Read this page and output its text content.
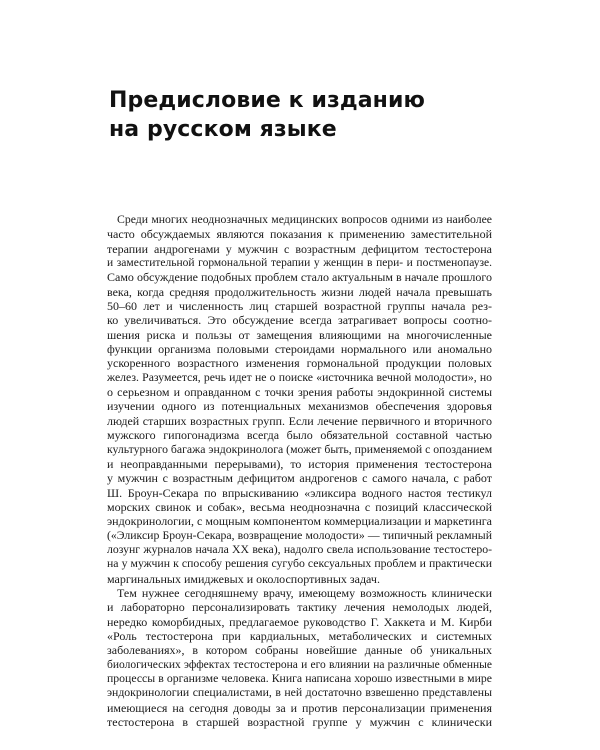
Предисловие к изданию
на русском языке
Среди многих неоднозначных медицинских вопросов одними из наиболее
часто обсуждаемых являются показания к применению заместительной
терапии андрогенами у мужчин с возрастным дефицитом тестостерона
и заместительной гормональной терапии у женщин в пери- и постменопаузе.
Само обсуждение подобных проблем стало актуальным в начале прошлого
века, когда средняя продолжительность жизни людей начала превышать
50–60 лет и численность лиц старшей возрастной группы начала рез-
ко увеличиваться. Это обсуждение всегда затрагивает вопросы соотно-
шения риска и пользы от замещения влияющими на многочисленные
функции организма половыми стероидами нормального или аномально
ускоренного возрастного изменения гормональной продукции половых
желез. Разумеется, речь идет не о поиске «источника вечной молодости», но
о серьезном и оправданном с точки зрения работы эндокринной системы
изучении одного из потенциальных механизмов обеспечения здоровья
людей старших возрастных групп. Если лечение первичного и вторичного
мужского гипогонадизма всегда было обязательной составной частью
культурного багажа эндокринолога (может быть, применяемой с опозданием
и неоправданными перерывами), то история применения тестостерона
у мужчин с возрастным дефицитом андрогенов с самого начала, с работ
Ш. Броун-Секара по впрыскиванию «эликсира водного настоя тестикул
морских свинок и собак», весьма неоднозначна с позиций классической
эндокринологии, с мощным компонентом коммерциализации и маркетинга
(«Эликсир Броун-Секара, возвращение молодости» — типичный рекламный
лозунг журналов начала XX века), надолго свела использование тестостеро-
на у мужчин к способу решения сугубо сексуальных проблем и практически
маргинальных имиджевых и околоспортивных задач.
Тем нужнее сегодняшнему врачу, имеющему возможность клинически
и лабораторно персонализировать тактику лечения немолодых людей,
нередко коморбидных, предлагаемое руководство Г. Хаккета и М. Кирби
«Роль тестостерона при кардиальных, метаболических и системных
заболеваниях», в котором собраны новейшие данные об уникальных
биологических эффектах тестостерона и его влиянии на различные обменные
процессы в организме человека. Книга написана хорошо известными в мире
эндокринологии специалистами, в ней достаточно взвешенно представлены
имеющиеся на сегодня доводы за и против персонализации применения
тестостерона в старшей возрастной группе у мужчин с клинически
